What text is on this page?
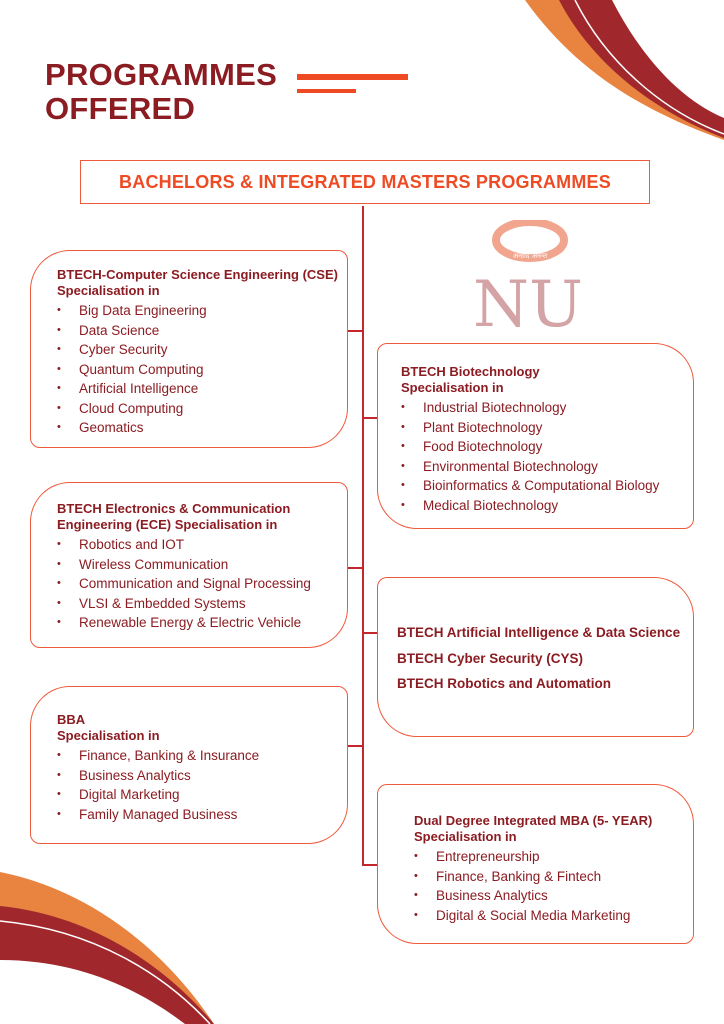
PROGRAMMES
OFFERED
BACHELORS & INTEGRATED MASTERS PROGRAMMES
अनादि अनन्त
NU
BTECH-Computer Science Engineering (CSE)
Specialisation in
• Big Data Engineering
• Data Science
• Cyber Security
• Quantum Computing
• Artificial Intelligence
• Cloud Computing
• Geomatics
BTECH Biotechnology
Specialisation in
• Industrial Biotechnology
• Plant Biotechnology
• Food Biotechnology
• Environmental Biotechnology
• Bioinformatics & Computational Biology
• Medical Biotechnology
BTECH Electronics & Communication
Engineering (ECE) Specialisation in
• Robotics and IOT
• Wireless Communication
• Communication and Signal Processing
• VLSI & Embedded Systems
• Renewable Energy & Electric Vehicle
BTECH Artificial Intelligence & Data Science
BTECH Cyber Security (CYS)
BTECH Robotics and Automation
BBA
Specialisation in
• Finance, Banking & Insurance
• Business Analytics
• Digital Marketing
• Family Managed Business	Dual Degree Integrated MBA (5- YEAR)
Specialisation in
• Entrepreneurship
• Finance, Banking & Fintech
• Business Analytics
• Digital & Social Media Marketing
